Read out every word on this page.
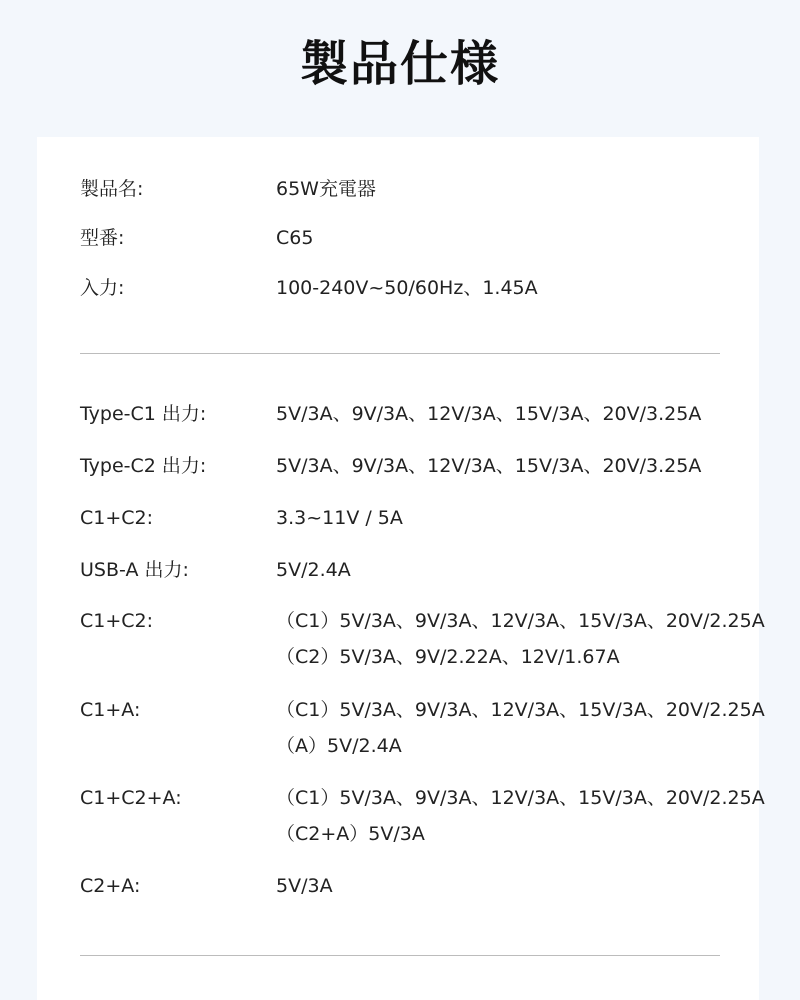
製品仕様
製品名:	65W充電器
型番:	C65
入力:	100-240V~50/60Hz、1.45A
Type-C1 出力:	5V/3A、9V/3A、12V/3A、15V/3A、20V/3.25A
Type-C2 出力:	5V/3A、9V/3A、12V/3A、15V/3A、20V/3.25A
C1+C2:	3.3~11V / 5A
USB-A 出力:	5V/2.4A
C1+C2:	（C1）5V/3A、9V/3A、12V/3A、15V/3A、20V/2.25A
（C2）5V/3A、9V/2.22A、12V/1.67A
C1+A:	（C1）5V/3A、9V/3A、12V/3A、15V/3A、20V/2.25A
（A）5V/2.4A
C1+C2+A:	（C1）5V/3A、9V/3A、12V/3A、15V/3A、20V/2.25A
（C2+A）5V/3A
C2+A:	5V/3A
